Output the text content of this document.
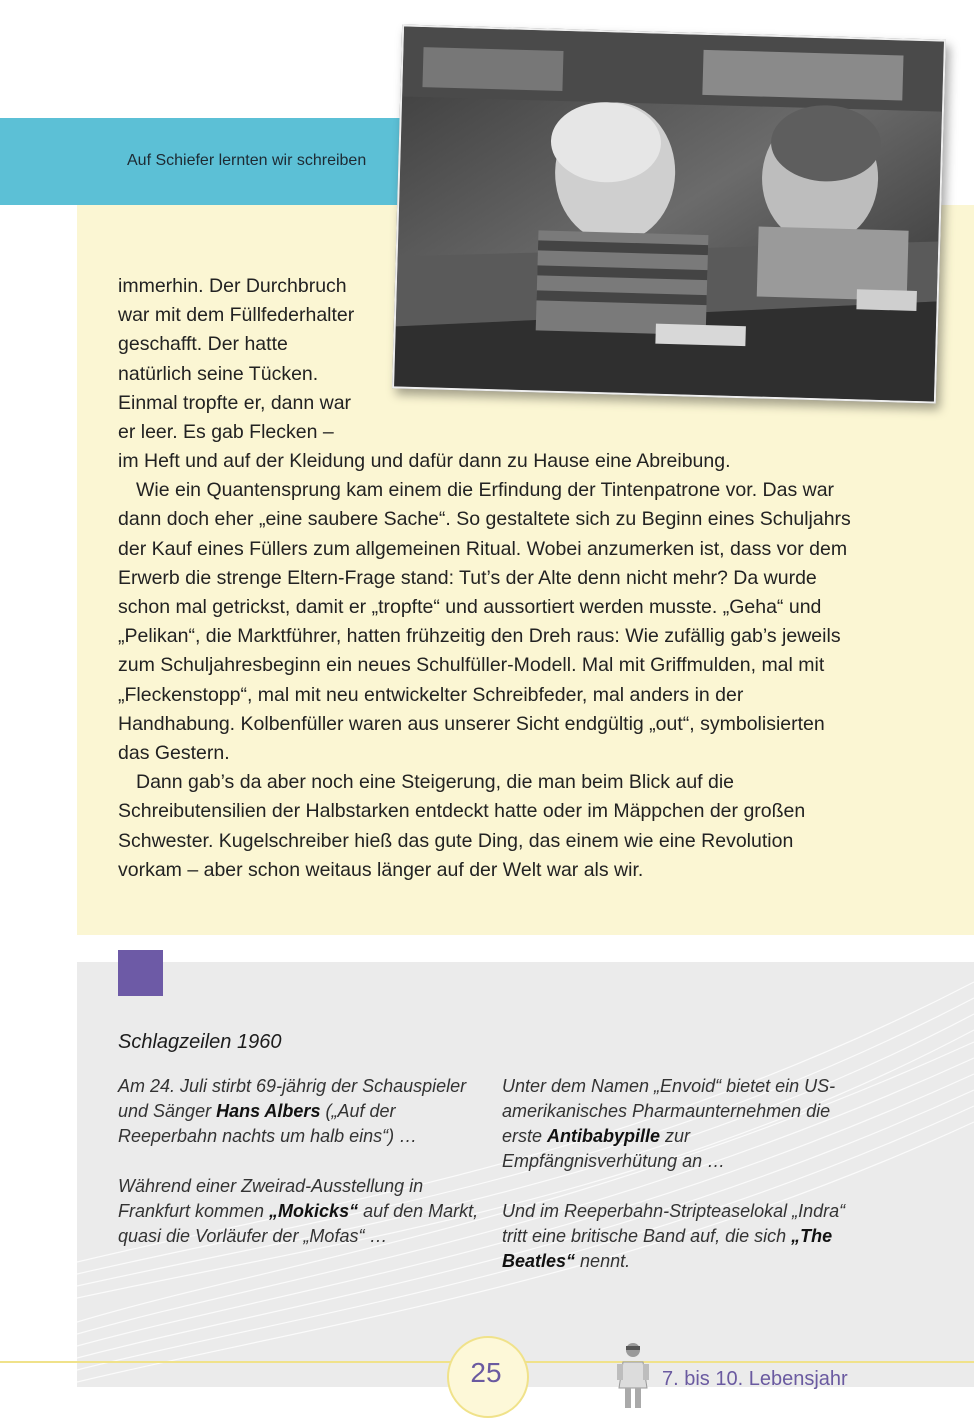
Auf Schiefer lernten wir schreiben
immerhin. Der Durchbruch
war mit dem Füllfederhalter
geschafft. Der hatte
natürlich seine Tücken.
Einmal tropfte er, dann war
er leer. Es gab Flecken –

im Heft und auf der Kleidung und dafür dann zu Hause eine Abreibung.

Wie ein Quantensprung kam einem die Erfindung der Tintenpatrone vor. Das war dann doch eher „eine saubere Sache“. So gestaltete sich zu Beginn eines Schuljahrs der Kauf eines Füllers zum allgemeinen Ritual. Wobei anzumerken ist, dass vor dem Erwerb die strenge Eltern-Frage stand: Tut’s der Alte denn nicht mehr? Da wurde schon mal getrickst, damit er „tropfte“ und aussortiert werden musste. „Geha“ und „Pelikan“, die Marktführer, hatten frühzeitig den Dreh raus: Wie zufällig gab’s jeweils zum Schuljahresbeginn ein neues Schulfüller-Modell. Mal mit Griffmulden, mal mit „Fleckenstopp“, mal mit neu entwickelter Schreibfeder, mal anders in der Handhabung. Kolbenfüller waren aus unserer Sicht endgültig „out“, symbolisierten das Gestern.

Dann gab’s da aber noch eine Steigerung, die man beim Blick auf die Schreibutensilien der Halbstarken entdeckt hatte oder im Mäppchen der großen Schwester. Kugelschreiber hieß das gute Ding, das einem wie eine Revolution vorkam – aber schon weitaus länger auf der Welt war als wir.

Schlagzeilen 1960

Am 24. Juli stirbt 69-jährig der Schauspieler und Sänger Hans Albers („Auf der Reeperbahn nachts um halb eins“) …

Während einer Zweirad-Ausstellung in Frankfurt kommen „Mokicks“ auf den Markt, quasi die Vorläufer der „Mofas“ …

Unter dem Namen „Envoid“ bietet ein US-amerikanisches Pharmaunternehmen die erste Antibabypille zur Empfängnisverhütung an …

Und im Reeperbahn-Stripteaselokal „Indra“ tritt eine britische Band auf, die sich „The Beatles“ nennt.

25	7. bis 10. Lebensjahr
